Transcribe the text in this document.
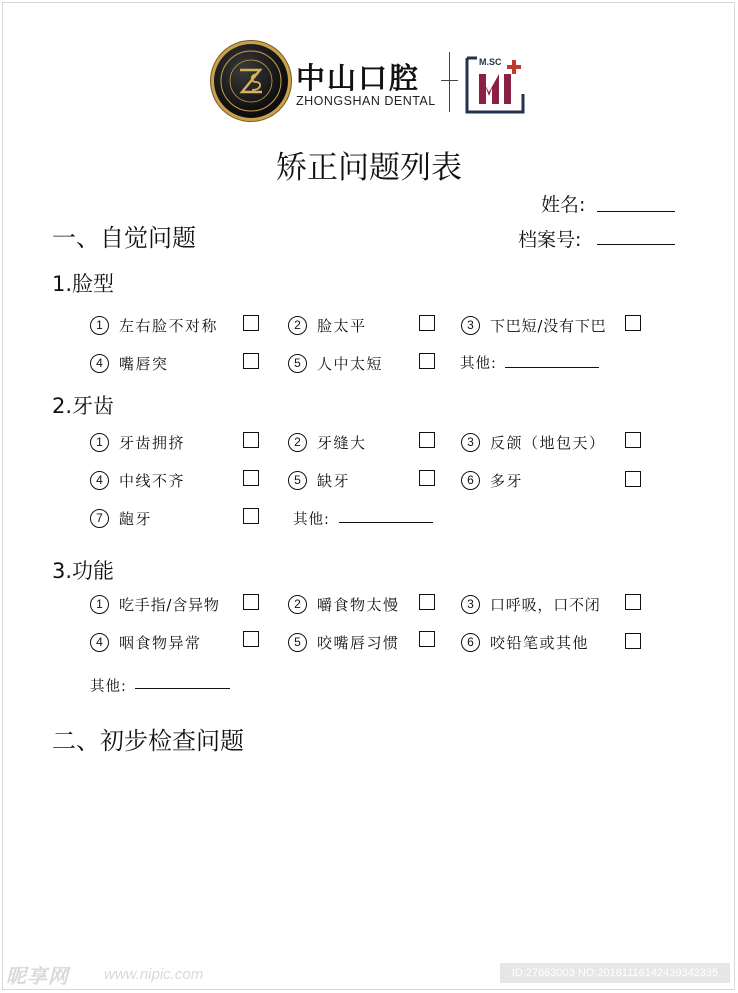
中山口腔
ZHONGSHAN DENTAL
M.SC
矫正问题列表
姓名:
档案号:
一、自觉问题
1.脸型
1	左右脸不对称	2	脸太平	3	下巴短/没有下巴
4	嘴唇突	5	人中太短	其他:
2.牙齿
1	牙齿拥挤	2	牙缝大	3	反颌（地包天）
4	中线不齐	5	缺牙	6	多牙
7	龅牙	其他:
3.功能
1	吃手指/含异物	2	嚼食物太慢	3	口呼吸，口不闭
4	咽食物异常	5	咬嘴唇习惯	6	咬铅笔或其他
其他:
二、初步检查问题
昵享网 www.nipic.com	ID:27663003 NO:20181116142439342335
